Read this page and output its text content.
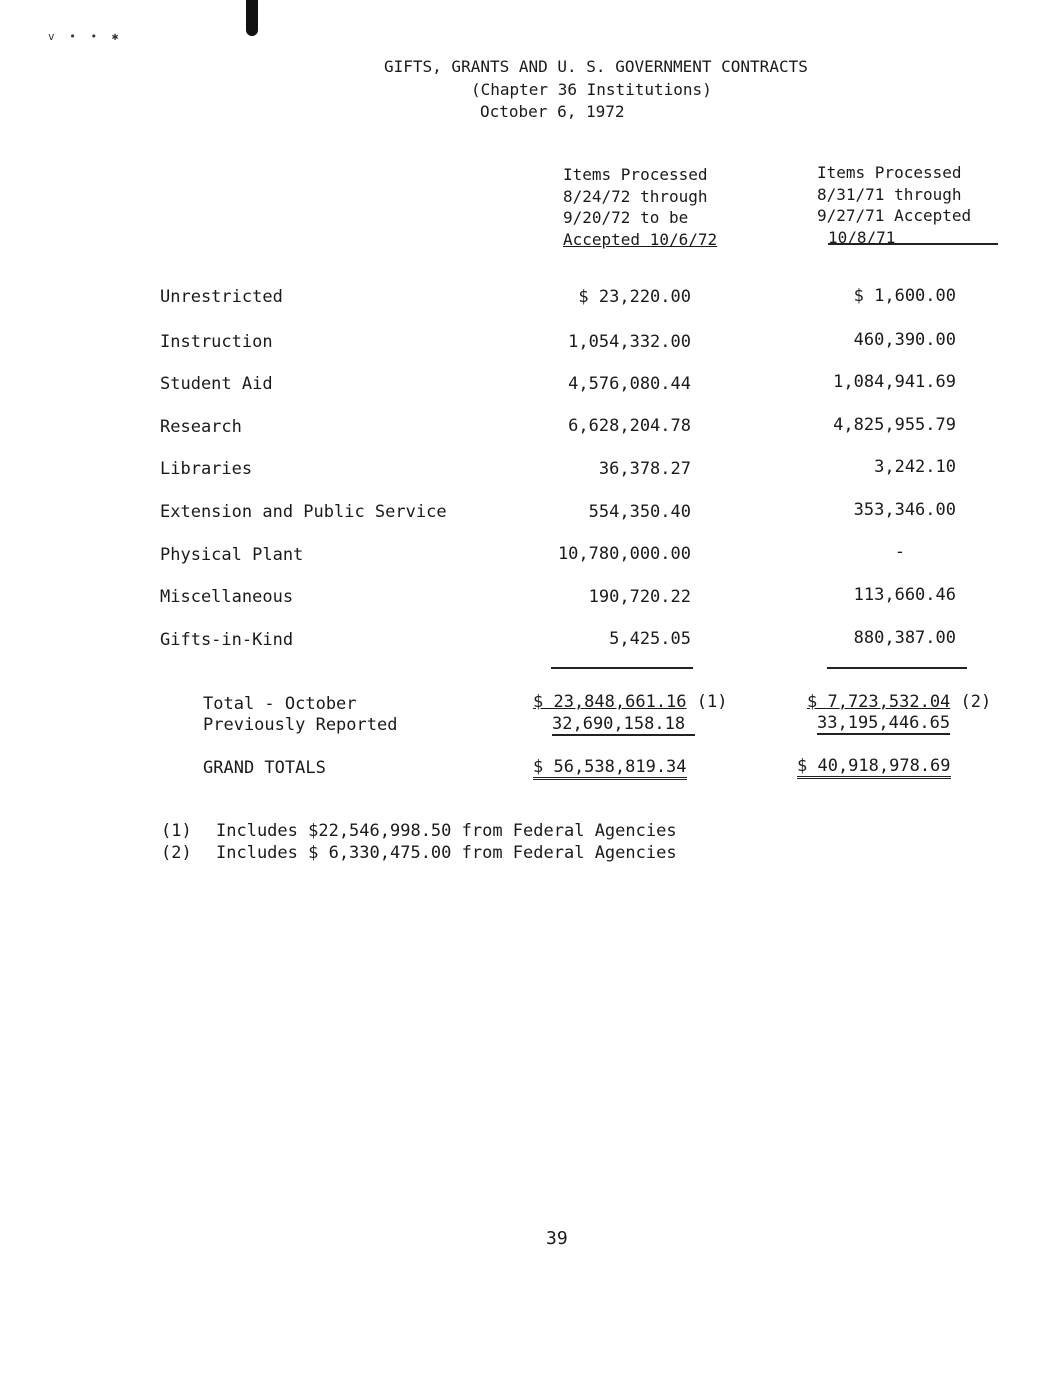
v • • ✱
GIFTS, GRANTS AND U. S. GOVERNMENT CONTRACTS
(Chapter 36 Institutions)
October 6, 1972
Items Processed
8/24/72 through
9/20/72 to be
Accepted 10/6/72
Items Processed
8/31/71 through
9/27/71 Accepted
10/8/71
Unrestricted	$ 23,220.00	$ 1,600.00
Instruction	1,054,332.00	460,390.00
Student Aid	4,576,080.44	1,084,941.69
Research	6,628,204.78	4,825,955.79
Libraries	36,378.27	3,242.10
Extension and Public Service	554,350.40	353,346.00
Physical Plant	10,780,000.00	-
Miscellaneous	190,720.22	113,660.46
Gifts-in-Kind	5,425.05	880,387.00
Total - October	$ 23,848,661.16 (1)	$ 7,723,532.04 (2)
Previously Reported	32,690,158.18	33,195,446.65
GRAND TOTALS	$ 56,538,819.34	$ 40,918,978.69
(1) Includes $22,546,998.50 from Federal Agencies
(2) Includes $ 6,330,475.00 from Federal Agencies
39
